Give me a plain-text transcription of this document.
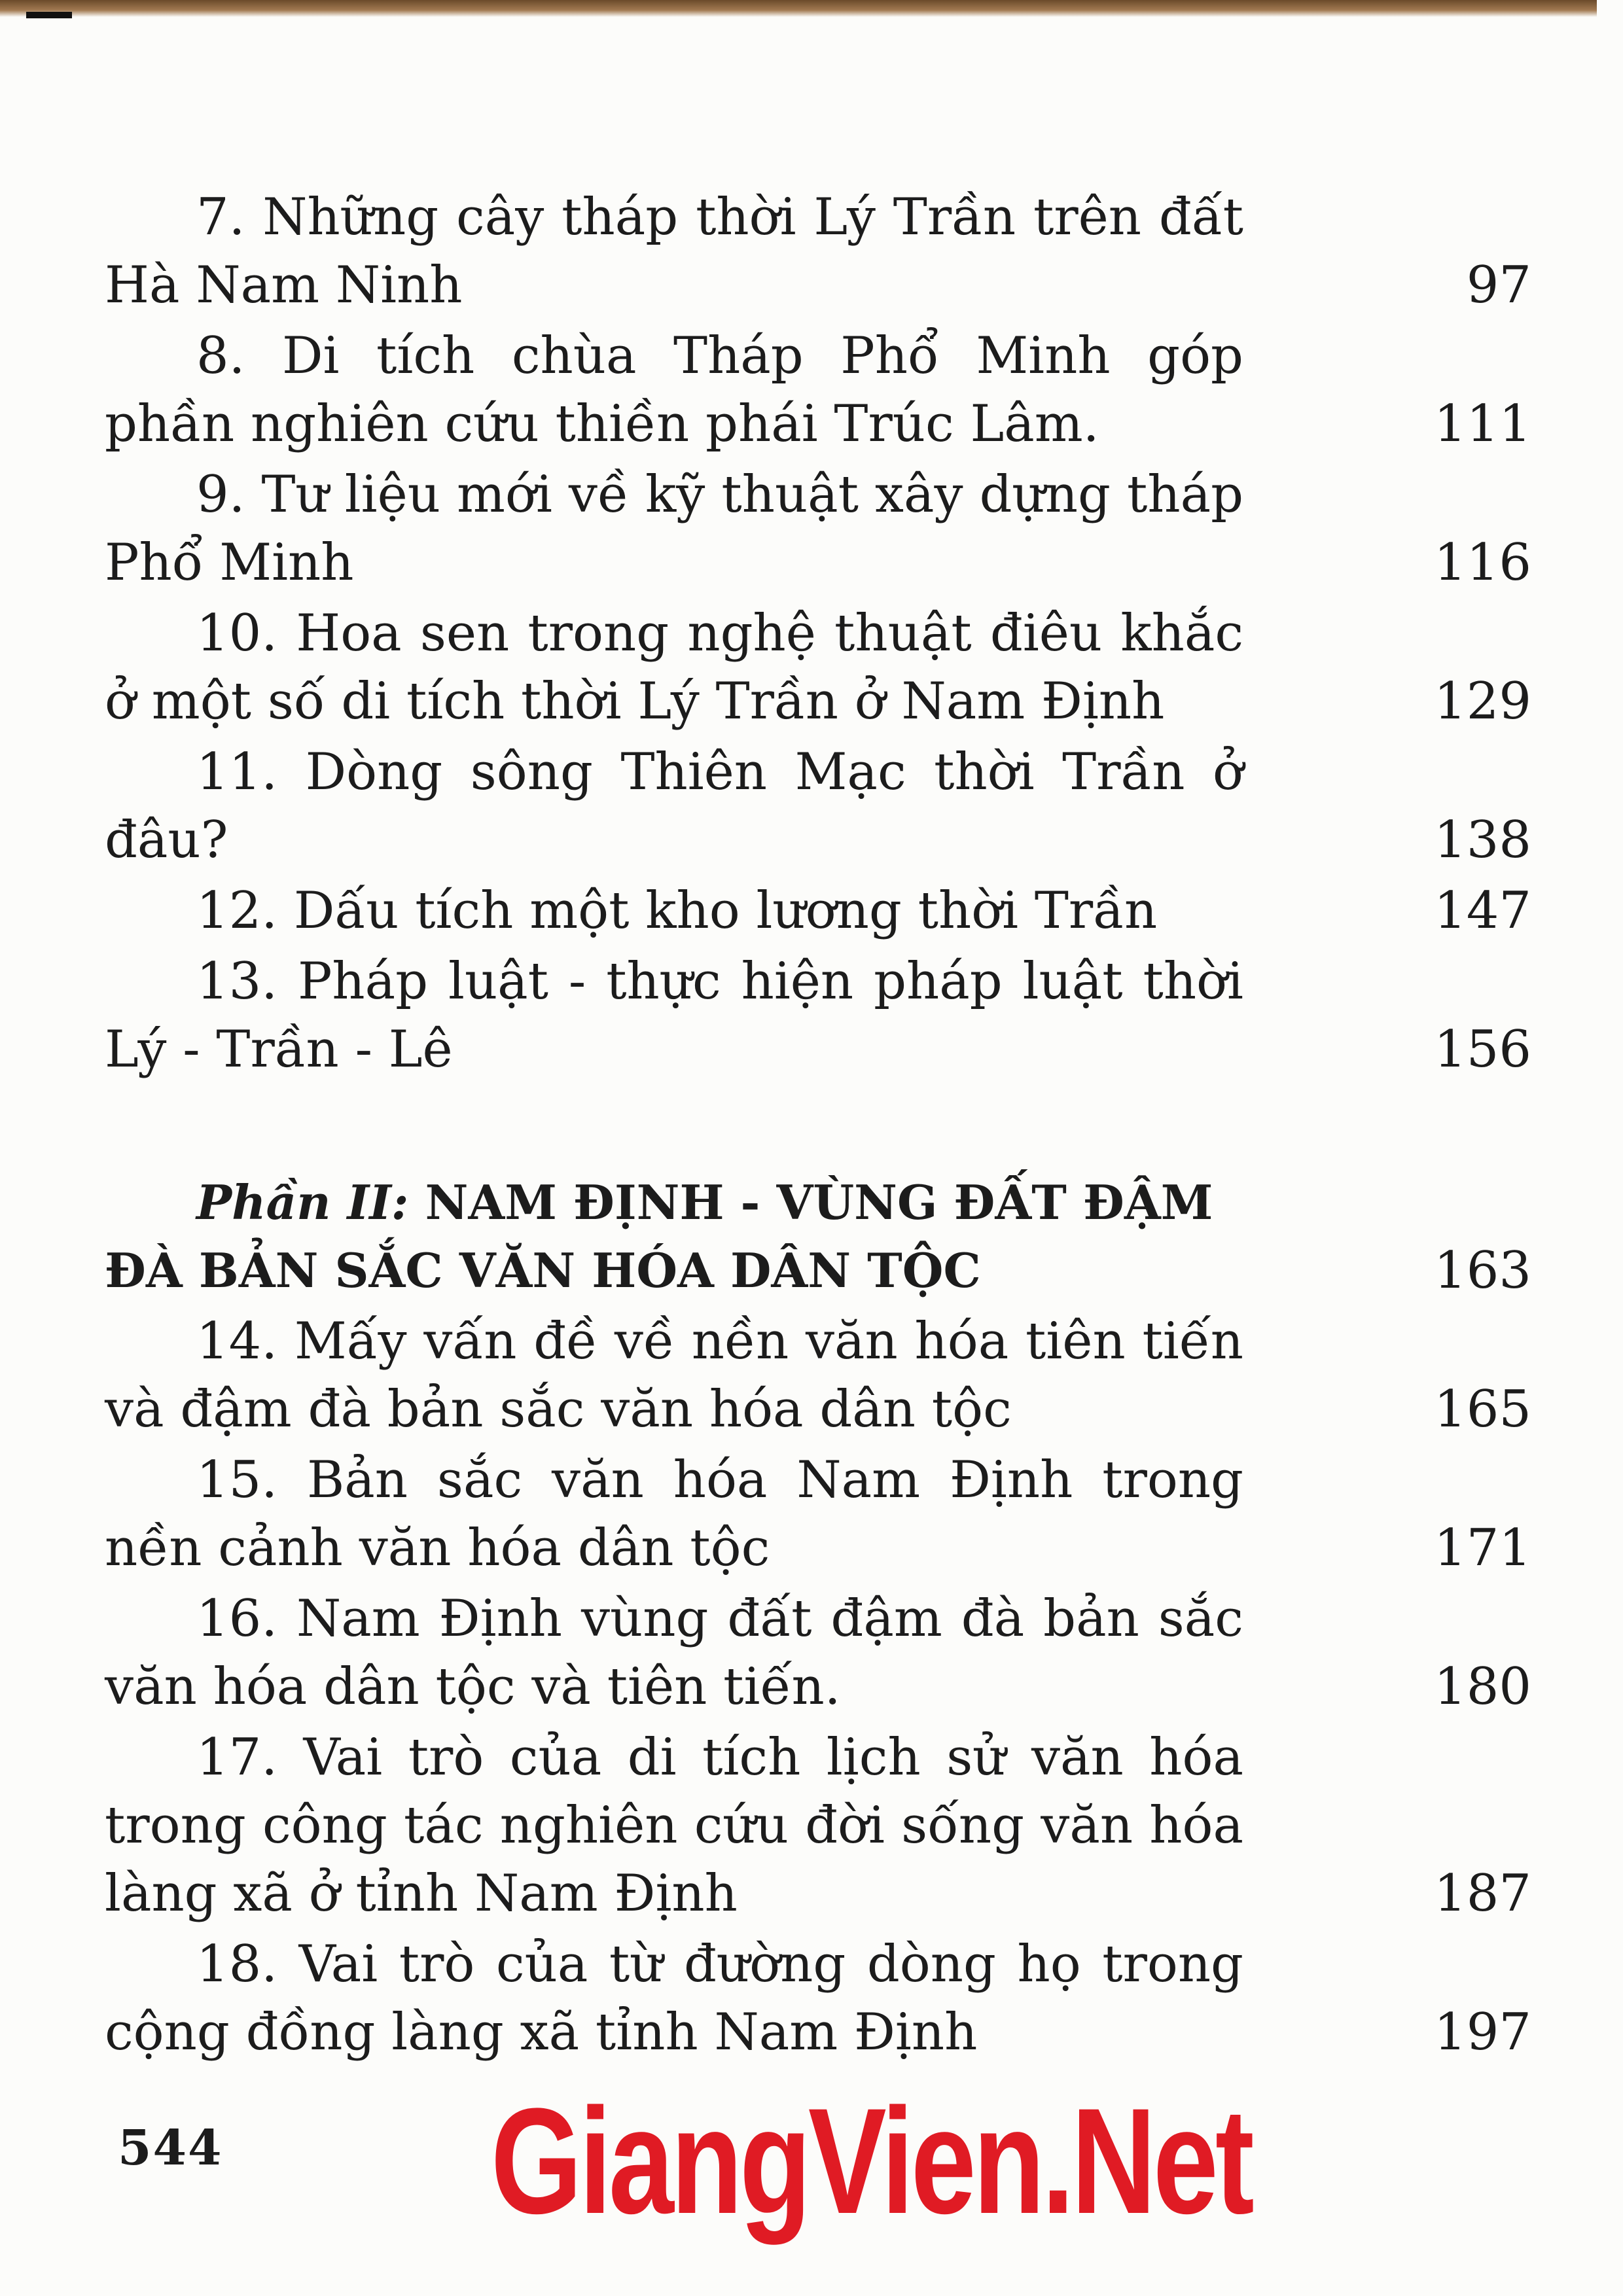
7. Những cây tháp thời Lý Trần trên đất Hà Nam Ninh	97
8. Di tích chùa Tháp Phổ Minh góp phần nghiên cứu thiền phái Trúc Lâm.	111
9. Tư liệu mới về kỹ thuật xây dựng tháp Phổ Minh	116
10. Hoa sen trong nghệ thuật điêu khắc ở một số di tích thời Lý Trần ở Nam Định	129
11. Dòng sông Thiên Mạc thời Trần ở đâu?	138
12. Dấu tích một kho lương thời Trần	147
13. Pháp luật - thực hiện pháp luật thời Lý - Trần - Lê	156
Phần II: NAM ĐỊNH - VÙNG ĐẤT ĐẬM ĐÀ BẢN SẮC VĂN HÓA DÂN TỘC	163
14. Mấy vấn đề về nền văn hóa tiên tiến và đậm đà bản sắc văn hóa dân tộc	165
15. Bản sắc văn hóa Nam Định trong nền cảnh văn hóa dân tộc	171
16. Nam Định vùng đất đậm đà bản sắc văn hóa dân tộc và tiên tiến.	180
17. Vai trò của di tích lịch sử văn hóa trong công tác nghiên cứu đời sống văn hóa làng xã ở tỉnh Nam Định	187
18. Vai trò của từ đường dòng họ trong cộng đồng làng xã tỉnh Nam Định	197
544 GiangVien.Net
